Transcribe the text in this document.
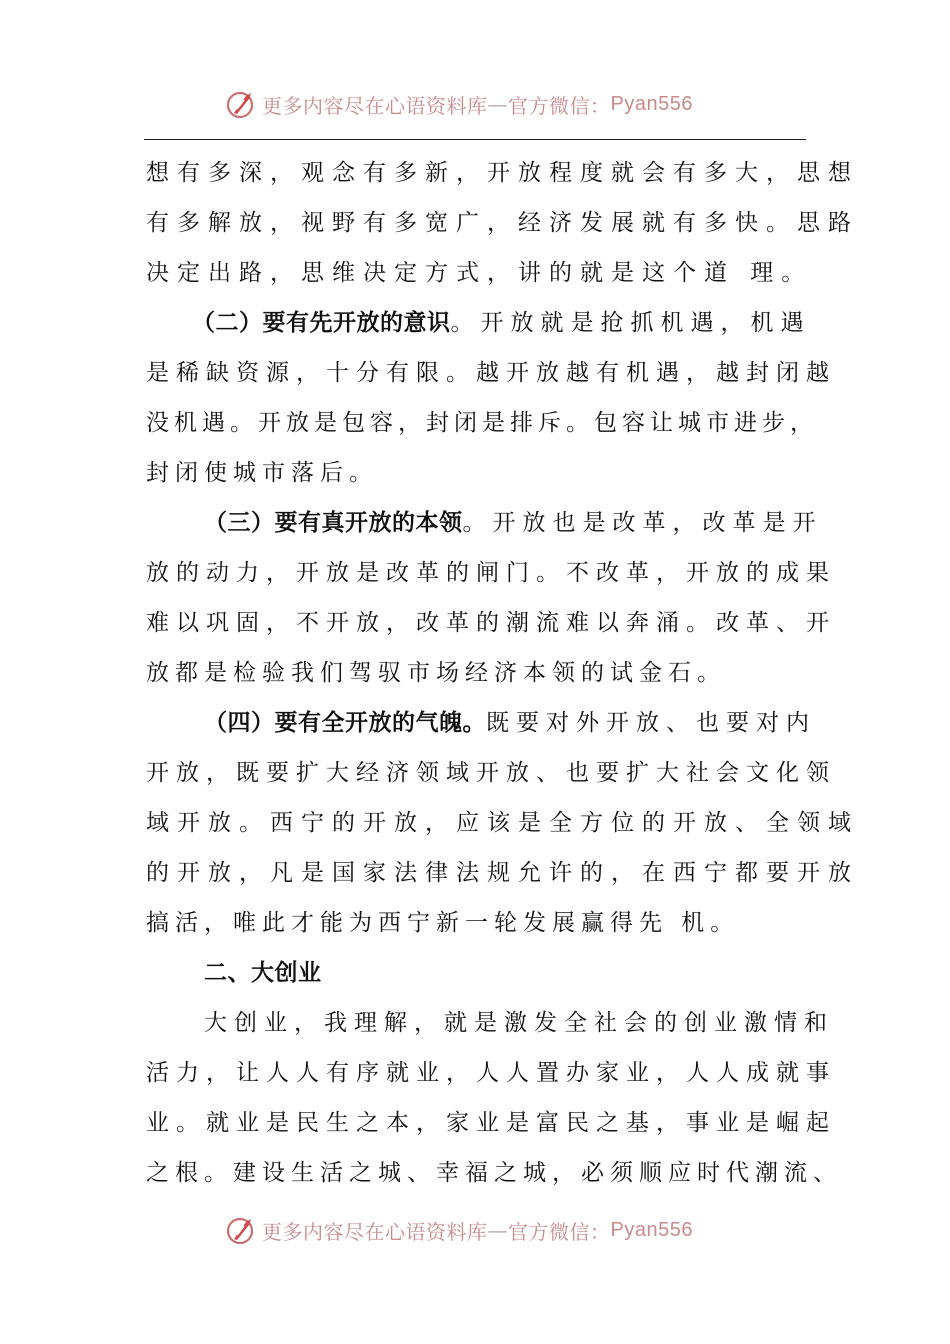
更多内容尽在心语资料库 — 官方微信： Pyan556
想有多深，观念有多新，开放程度就会有多大，思想
有多解放，视野有多宽广，经济发展就有多快。思路
决定出路，思维决定方式，讲的就是这个道 理。
（二）要有先开放的意识。开放就是抢抓机遇，机遇
是稀缺资源，十分有限。越开放越有机遇，越封闭越
没机遇。开放是包容，封闭是排斥。包容让城市进步，
封闭使城市落后。
（三）要有真开放的本领。开放也是改革，改革是开
放的动力，开放是改革的闸门。不改革，开放的成果
难以巩固，不开放，改革的潮流难以奔涌。改革、开
放都是检验我们驾驭市场经济本领的试金石。
（四）要有全开放的气魄。既要对外开放、也要对内
开放，既要扩大经济领域开放、也要扩大社会文化领
域开放。西宁的开放，应该是全方位的开放、全领域
的开放，凡是国家法律法规允许的，在西宁都要开放
搞活，唯此才能为西宁新一轮发展赢得先 机。
二、大创业
大创业，我理解，就是激发全社会的创业激情和
活力，让人人有序就业，人人置办家业，人人成就事
业。就业是民生之本，家业是富民之基，事业是崛起
之根。建设生活之城、幸福之城，必须顺应时代潮流、
更多内容尽在心语资料库 — 官方微信： Pyan556
